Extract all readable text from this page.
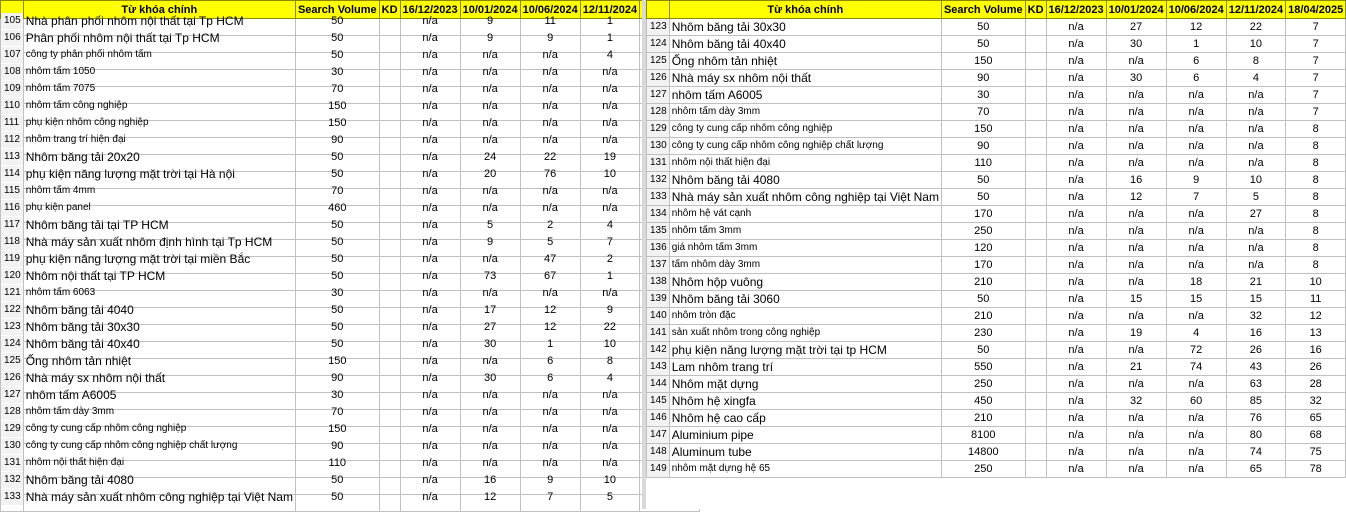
	Từ khóa chính	Search Volume	KD	16/12/2023	10/01/2024	10/06/2024	12/11/2024	
105	Nhà phân phối nhôm nội thất tại Tp HCM	50		n/a	9	11	1	
106	Phân phối nhôm nội thất tại Tp HCM	50		n/a	9	9	1	
107	công ty phân phối nhôm tấm	50		n/a	n/a	n/a	4	
108	nhôm tấm 1050	30		n/a	n/a	n/a	n/a	
109	nhôm tấm 7075	70		n/a	n/a	n/a	n/a	
110	nhôm tấm công nghiệp	150		n/a	n/a	n/a	n/a	
111	phụ kiện nhôm công nghiệp	150		n/a	n/a	n/a	n/a	
112	nhôm trang trí hiện đại	90		n/a	n/a	n/a	n/a	
113	Nhôm băng tải 20x20	50		n/a	24	22	19	
114	phụ kiện năng lượng mặt trời tại Hà nội	50		n/a	20	76	10	
115	nhôm tấm 4mm	70		n/a	n/a	n/a	n/a	
116	phụ kiện panel	460		n/a	n/a	n/a	n/a	
117	Nhôm băng tải tại TP HCM	50		n/a	5	2	4	
118	Nhà máy sản xuất nhôm định hình tại Tp HCM	50		n/a	9	5	7	
119	phụ kiện năng lượng mặt trời tại miền Bắc	50		n/a	n/a	47	2	
120	Nhôm nội thất tại TP HCM	50		n/a	73	67	1	
121	nhôm tấm 6063	30		n/a	n/a	n/a	n/a	
122	Nhôm băng tải 4040	50		n/a	17	12	9	
123	Nhôm băng tải 30x30	50		n/a	27	12	22	
124	Nhôm băng tải 40x40	50		n/a	30	1	10	
125	Ống nhôm tản nhiệt	150		n/a	n/a	6	8	
126	Nhà máy sx nhôm nội thất	90		n/a	30	6	4	
127	nhôm tấm A6005	30		n/a	n/a	n/a	n/a	
128	nhôm tấm dày 3mm	70		n/a	n/a	n/a	n/a	
129	công ty cung cấp nhôm công nghiệp	150		n/a	n/a	n/a	n/a	
130	công ty cung cấp nhôm công nghiệp chất lượng	90		n/a	n/a	n/a	n/a	
131	nhôm nội thất hiện đại	110		n/a	n/a	n/a	n/a	
132	Nhôm băng tải 4080	50		n/a	16	9	10	
133	Nhà máy sản xuất nhôm công nghiệp tại Việt Nam	50		n/a	12	7	5	
	Từ khóa chính	Search Volume	KD	16/12/2023	10/01/2024	10/06/2024	12/11/2024	18/04/2025
123	Nhôm băng tải 30x30	50		n/a	27	12	22	7
124	Nhôm băng tải 40x40	50		n/a	30	1	10	7
125	Ống nhôm tản nhiệt	150		n/a	n/a	6	8	7
126	Nhà máy sx nhôm nội thất	90		n/a	30	6	4	7
127	nhôm tấm A6005	30		n/a	n/a	n/a	n/a	7
128	nhôm tấm dày 3mm	70		n/a	n/a	n/a	n/a	7
129	công ty cung cấp nhôm công nghiệp	150		n/a	n/a	n/a	n/a	8
130	công ty cung cấp nhôm công nghiệp chất lượng	90		n/a	n/a	n/a	n/a	8
131	nhôm nội thất hiện đại	110		n/a	n/a	n/a	n/a	8
132	Nhôm băng tải 4080	50		n/a	16	9	10	8
133	Nhà máy sản xuất nhôm công nghiệp tại Việt Nam	50		n/a	12	7	5	8
134	nhôm hệ vát cạnh	170		n/a	n/a	n/a	27	8
135	nhôm tấm 3mm	250		n/a	n/a	n/a	n/a	8
136	giá nhôm tấm 3mm	120		n/a	n/a	n/a	n/a	8
137	tấm nhôm dày 3mm	170		n/a	n/a	n/a	n/a	8
138	Nhôm hộp vuông	210		n/a	n/a	18	21	10
139	Nhôm băng tải 3060	50		n/a	15	15	15	11
140	nhôm tròn đặc	210		n/a	n/a	n/a	32	12
141	sản xuất nhôm trong công nghiệp	230		n/a	19	4	16	13
142	phụ kiện năng lượng mặt trời tại tp HCM	50		n/a	n/a	72	26	16
143	Lam nhôm trang trí	550		n/a	21	74	43	26
144	Nhôm mặt dựng	250		n/a	n/a	n/a	63	28
145	Nhôm hệ xingfa	450		n/a	32	60	85	32
146	Nhôm hệ cao cấp	210		n/a	n/a	n/a	76	65
147	Aluminium pipe	8100		n/a	n/a	n/a	80	68
148	Aluminum tube	14800		n/a	n/a	n/a	74	75
149	nhôm mặt dựng hệ 65	250		n/a	n/a	n/a	65	78
